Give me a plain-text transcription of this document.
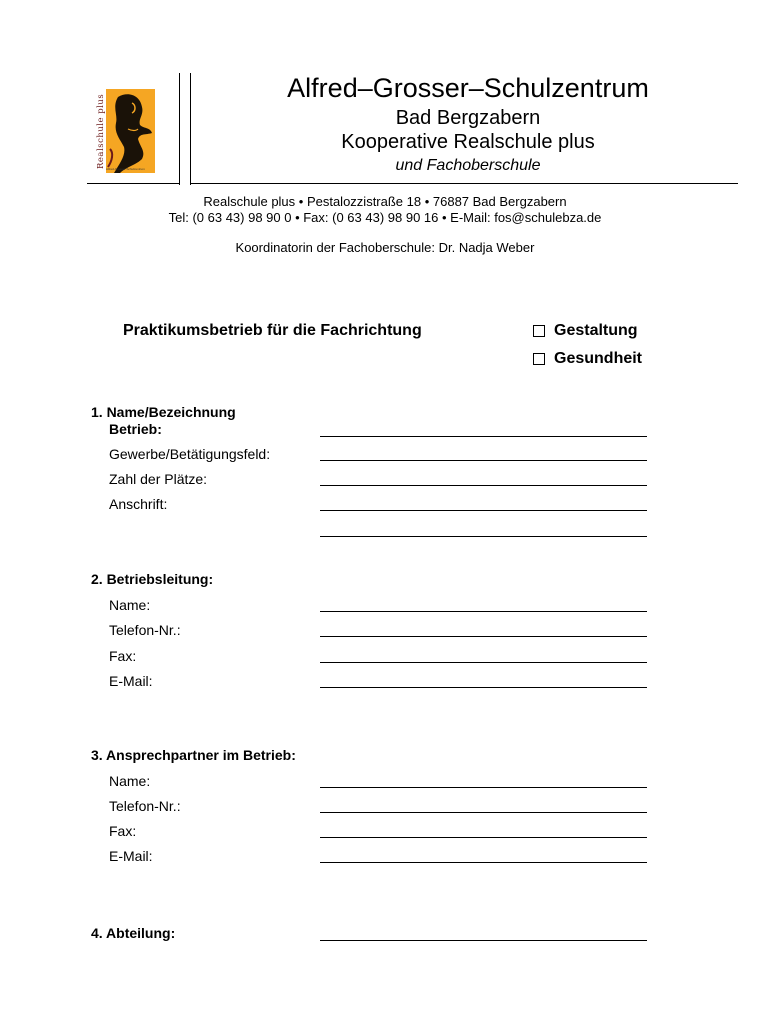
Realschule plus Alfred-Grosser-Schulzentrum
Alfred–Grosser–Schulzentrum
Bad Bergzabern
Kooperative Realschule plus
und Fachoberschule
Realschule plus • Pestalozzistraße 18 • 76887 Bad Bergzabern
Tel: (0 63 43) 98 90 0 • Fax: (0 63 43) 98 90 16 • E-Mail: fos@schulebza.de
Koordinatorin der Fachoberschule: Dr. Nadja Weber
Praktikumsbetrieb für die Fachrichtung	Gestaltung
Gesundheit
1. Name/Bezeichnung
Betrieb:
Gewerbe/Betätigungsfeld:
Zahl der Plätze:
Anschrift:
2. Betriebsleitung:
Name:
Telefon-Nr.:
Fax:
E-Mail:
3. Ansprechpartner im Betrieb:
Name:
Telefon-Nr.:
Fax:
E-Mail:
4. Abteilung:
